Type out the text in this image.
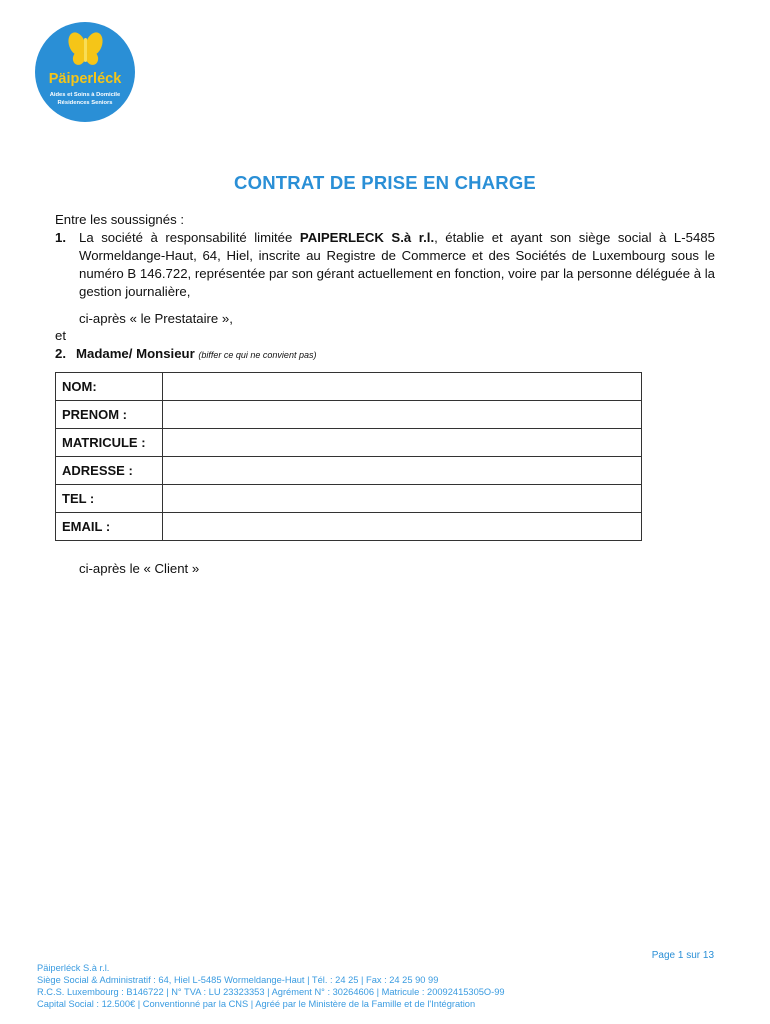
Päiperléck
Aides et Soins à Domicile
Résidences Seniors
CONTRAT DE PRISE EN CHARGE
Entre les soussignés :
1. La société à responsabilité limitée PAIPERLECK S.à r.l., établie et ayant son siège social à L-5485 Wormeldange-Haut, 64, Hiel, inscrite au Registre de Commerce et des Sociétés de Luxembourg sous le numéro B 146.722, représentée par son gérant actuellement en fonction, voire par la personne déléguée à la gestion journalière,
ci-après « le Prestataire »,
et
2. Madame/ Monsieur (biffer ce qui ne convient pas)
NOM:	
PRENOM :	
MATRICULE :	
ADRESSE :	
TEL :	
EMAIL :	
ci-après le « Client »
Page 1 sur 13
Päiperléck S.à r.l.
Siège Social & Administratif : 64, Hiel L-5485 Wormeldange-Haut | Tél. : 24 25 | Fax : 24 25 90 99
R.C.S. Luxembourg : B146722 | N° TVA : LU 23323353 | Agrément N° : 30264606 | Matricule : 20092415305O-99
Capital Social : 12.500€ | Conventionné par la CNS | Agréé par le Ministère de la Famille et de l'Intégration
